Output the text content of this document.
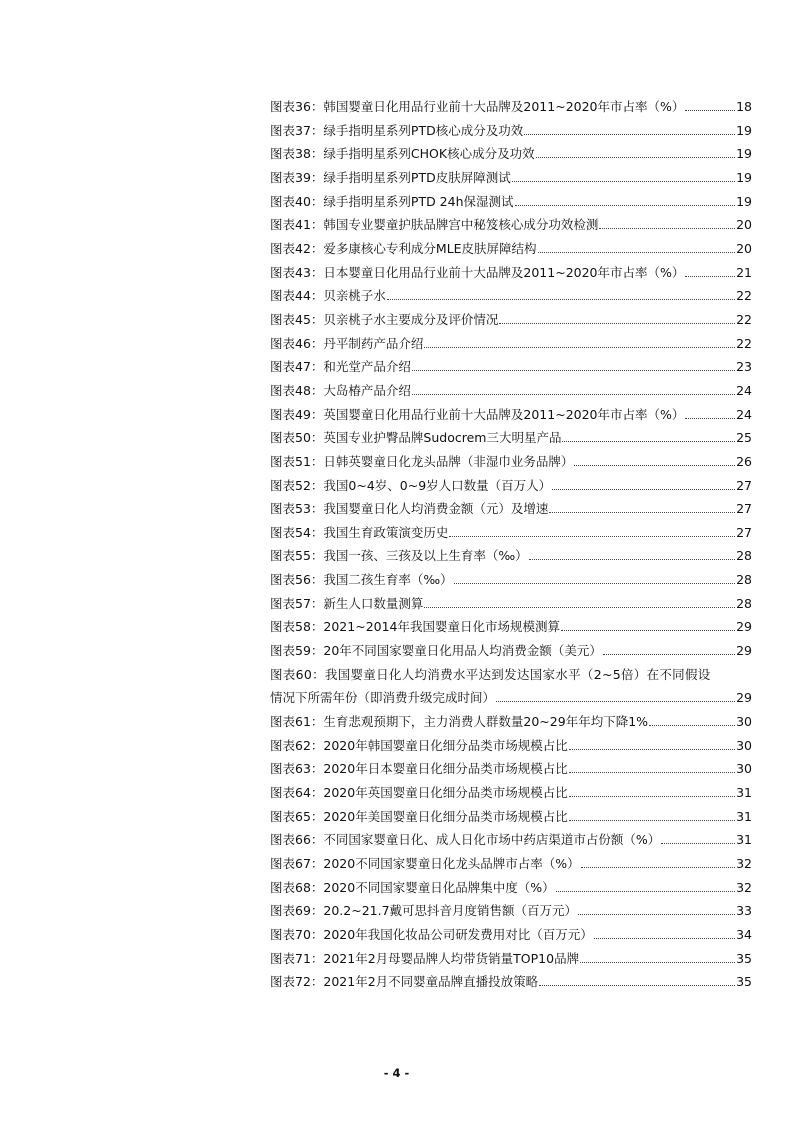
图表36：韩国婴童日化用品行业前十大品牌及2011~2020年市占率（%）	18
图表37：绿手指明星系列PTD核心成分及功效	19
图表38：绿手指明星系列CHOK核心成分及功效	19
图表39：绿手指明星系列PTD皮肤屏障测试	19
图表40：绿手指明星系列PTD 24h保湿测试	19
图表41：韩国专业婴童护肤品牌宫中秘笈核心成分功效检测	20
图表42：爱多康核心专利成分MLE皮肤屏障结构	20
图表43：日本婴童日化用品行业前十大品牌及2011~2020年市占率（%）	21
图表44：贝亲桃子水	22
图表45：贝亲桃子水主要成分及评价情况	22
图表46：丹平制药产品介绍	22
图表47：和光堂产品介绍	23
图表48：大岛椿产品介绍	24
图表49：英国婴童日化用品行业前十大品牌及2011~2020年市占率（%）	24
图表50：英国专业护臀品牌Sudocrem三大明星产品	25
图表51：日韩英婴童日化龙头品牌（非湿巾业务品牌）	26
图表52：我国0~4岁、0~9岁人口数量（百万人）	27
图表53：我国婴童日化人均消费金额（元）及增速	27
图表54：我国生育政策演变历史	27
图表55：我国一孩、三孩及以上生育率（‰）	28
图表56：我国二孩生育率（‰）	28
图表57：新生人口数量测算	28
图表58：2021~2014年我国婴童日化市场规模测算	29
图表59：20年不同国家婴童日化用品人均消费金额（美元）	29
图表60：我国婴童日化人均消费水平达到发达国家水平（2~5倍）在不同假设
情况下所需年份（即消费升级完成时间）	29
图表61：生育悲观预期下，主力消费人群数量20~29年年均下降1%	30
图表62：2020年韩国婴童日化细分品类市场规模占比	30
图表63：2020年日本婴童日化细分品类市场规模占比	30
图表64：2020年英国婴童日化细分品类市场规模占比	31
图表65：2020年美国婴童日化细分品类市场规模占比	31
图表66：不同国家婴童日化、成人日化市场中药店渠道市占份额（%）	31
图表67：2020不同国家婴童日化龙头品牌市占率（%）	32
图表68：2020不同国家婴童日化品牌集中度（%）	32
图表69：20.2~21.7戴可思抖音月度销售额（百万元）	33
图表70：2020年我国化妆品公司研发费用对比（百万元）	34
图表71：2021年2月母婴品牌人均带货销量TOP10品牌	35
图表72：2021年2月不同婴童品牌直播投放策略	35
- 4 -
